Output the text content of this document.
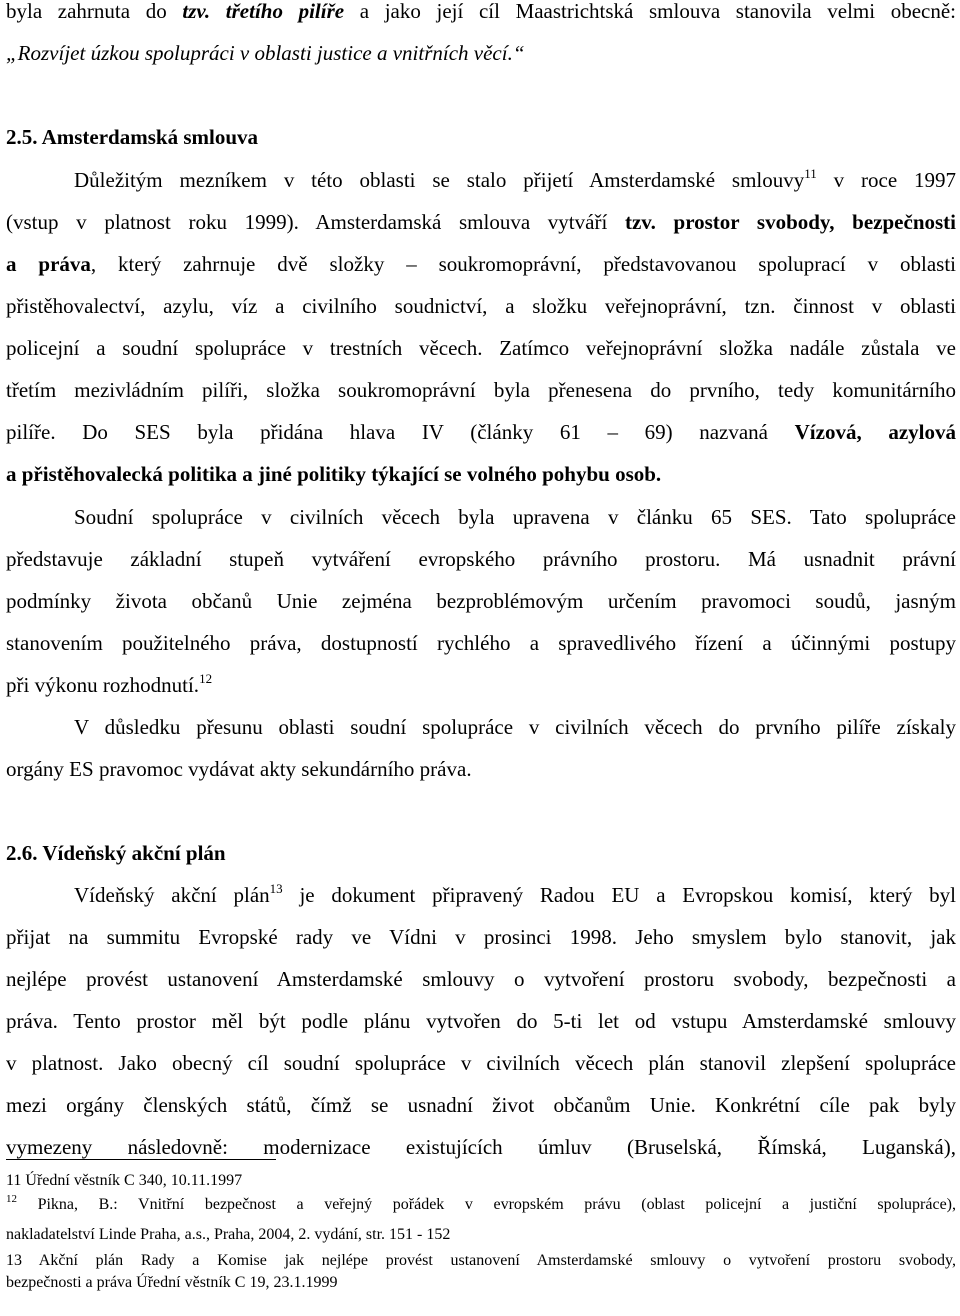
byla zahrnuta do tzv. třetího pilíře a jako její cíl Maastrichtská smlouva stanovila velmi obecně:
„Rozvíjet úzkou spolupráci v oblasti justice a vnitřních věcí.“
2.5. Amsterdamská smlouva
Důležitým mezníkem v této oblasti se stalo přijetí Amsterdamské smlouvy$^{11}$ v roce 1997
(vstup v platnost roku 1999). Amsterdamská smlouva vytváří tzv. prostor svobody, bezpečnosti
a práva, který zahrnuje dvě složky – soukromoprávní, představovanou spoluprací v oblasti
přistěhovalectví, azylu, víz a civilního soudnictví, a složku veřejnoprávní, tzn. činnost v oblasti
policejní a soudní spolupráce v trestních věcech. Zatímco veřejnoprávní složka nadále zůstala ve
třetím mezivládním pilíři, složka soukromoprávní byla přenesena do prvního, tedy komunitárního
pilíře. Do SES byla přidána hlava IV (články 61 – 69) nazvaná Vízová, azylová
a přistěhovalecká politika a jiné politiky týkající se volného pohybu osob.
Soudní spolupráce v civilních věcech byla upravena v článku 65 SES. Tato spolupráce
představuje základní stupeň vytváření evropského právního prostoru. Má usnadnit právní
podmínky života občanů Unie zejména bezproblémovým určením pravomoci soudů, jasným
stanovením použitelného práva, dostupností rychlého a spravedlivého řízení a účinnými postupy
při výkonu rozhodnutí.$^{12}$
V důsledku přesunu oblasti soudní spolupráce v civilních věcech do prvního pilíře získaly
orgány ES pravomoc vydávat akty sekundárního práva.
2.6. Vídeňský akční plán
Vídeňský akční plán$^{13}$ je dokument připravený Radou EU a Evropskou komisí, který byl
přijat na summitu Evropské rady ve Vídni v prosinci 1998. Jeho smyslem bylo stanovit, jak
nejlépe provést ustanovení Amsterdamské smlouvy o vytvoření prostoru svobody, bezpečnosti a
práva. Tento prostor měl být podle plánu vytvořen do 5-ti let od vstupu Amsterdamské smlouvy
v platnost. Jako obecný cíl soudní spolupráce v civilních věcech plán stanovil zlepšení spolupráce
mezi orgány členských států, čímž se usnadní život občanům Unie. Konkrétní cíle pak byly
vymezeny následovně: modernizace existujících úmluv (Bruselská, Římská, Luganská),
11 Úřední věstník C 340, 10.11.1997
$^{12}$ Pikna, B.: Vnitřní bezpečnost a veřejný pořádek v evropském právu (oblast policejní a justiční spolupráce),
nakladatelství Linde Praha, a.s., Praha, 2004, 2. vydání, str. 151 - 152
13 Akční plán Rady a Komise jak nejlépe provést ustanovení Amsterdamské smlouvy o vytvoření prostoru svobody,
bezpečnosti a práva Úřední věstník C 19, 23.1.1999
